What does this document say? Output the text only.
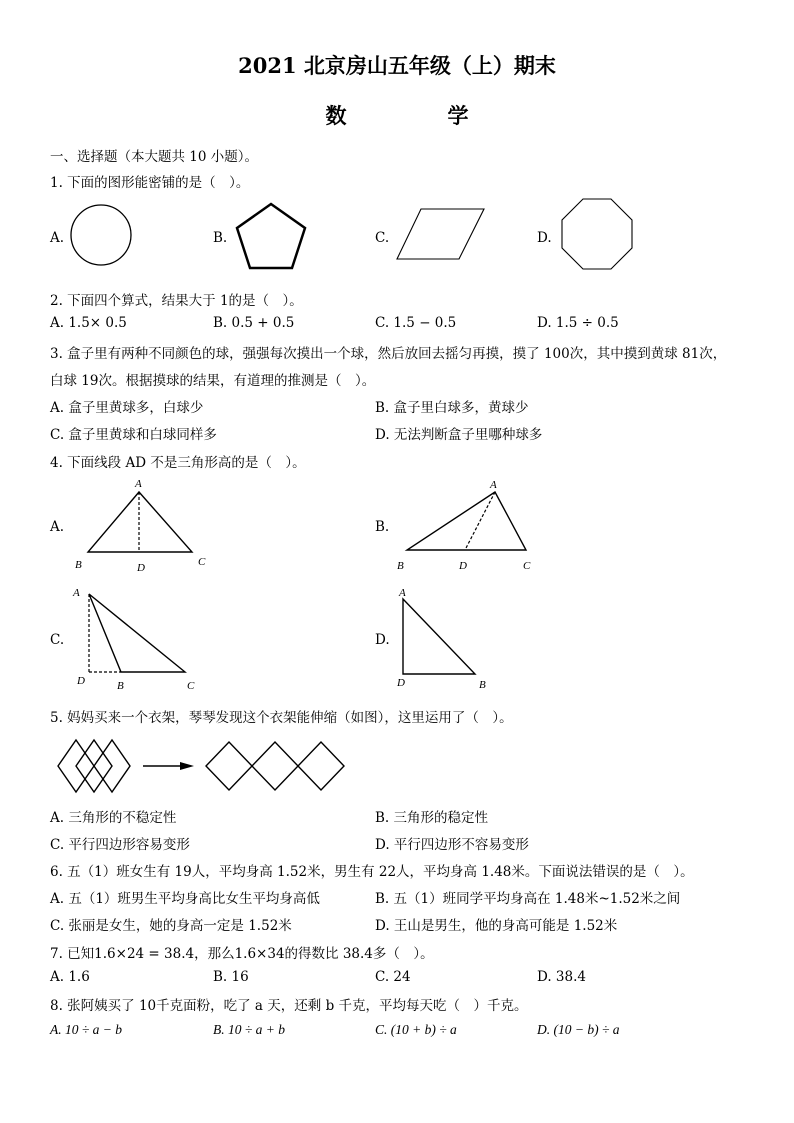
2021 北京房山五年级（上）期末
数　学
一、选择题（本大题共 10 小题）。
1. 下面的图形能密铺的是（　）。
A.	B.	C.	D.
2. 下面四个算式，结果大于 1的是（　）。
A. 1.5× 0.5	B. 0.5 + 0.5	C. 1.5 − 0.5	D. 1.5 ÷ 0.5
3. 盒子里有两种不同颜色的球，强强每次摸出一个球，然后放回去摇匀再摸，摸了 100次，其中摸到黄球 81次，
白球 19次。根据摸球的结果，有道理的推测是（　）。
A. 盒子里黄球多，白球少	B. 盒子里白球多，黄球少
C. 盒子里黄球和白球同样多	D. 无法判断盒子里哪种球多
4. 下面线段 AD 不是三角形高的是（　）。
A.
A
B	D	C
B.
A
B	D	C
C.
A
D	B	C
D.
A
D	B
5. 妈妈买来一个衣架，琴琴发现这个衣架能伸缩（如图），这里运用了（　）。
A. 三角形的不稳定性	B. 三角形的稳定性
C. 平行四边形容易变形	D. 平行四边形不容易变形
6. 五（1）班女生有 19人，平均身高 1.52米，男生有 22人，平均身高 1.48米。下面说法错误的是（　）。
A. 五（1）班男生平均身高比女生平均身高低	B. 五（1）班同学平均身高在 1.48米~1.52米之间
C. 张丽是女生，她的身高一定是 1.52米	D. 王山是男生，他的身高可能是 1.52米
7. 已知1.6×24 = 38.4，那么1.6×34的得数比 38.4多（　）。
A. 1.6	B. 16	C. 24	D. 38.4
8. 张阿姨买了 10千克面粉，吃了 a 天，还剩 b 千克，平均每天吃（　）千克。
A. 10 ÷ a − b	B. 10 ÷ a + b	C. (10 + b) ÷ a	D. (10 − b) ÷ a
